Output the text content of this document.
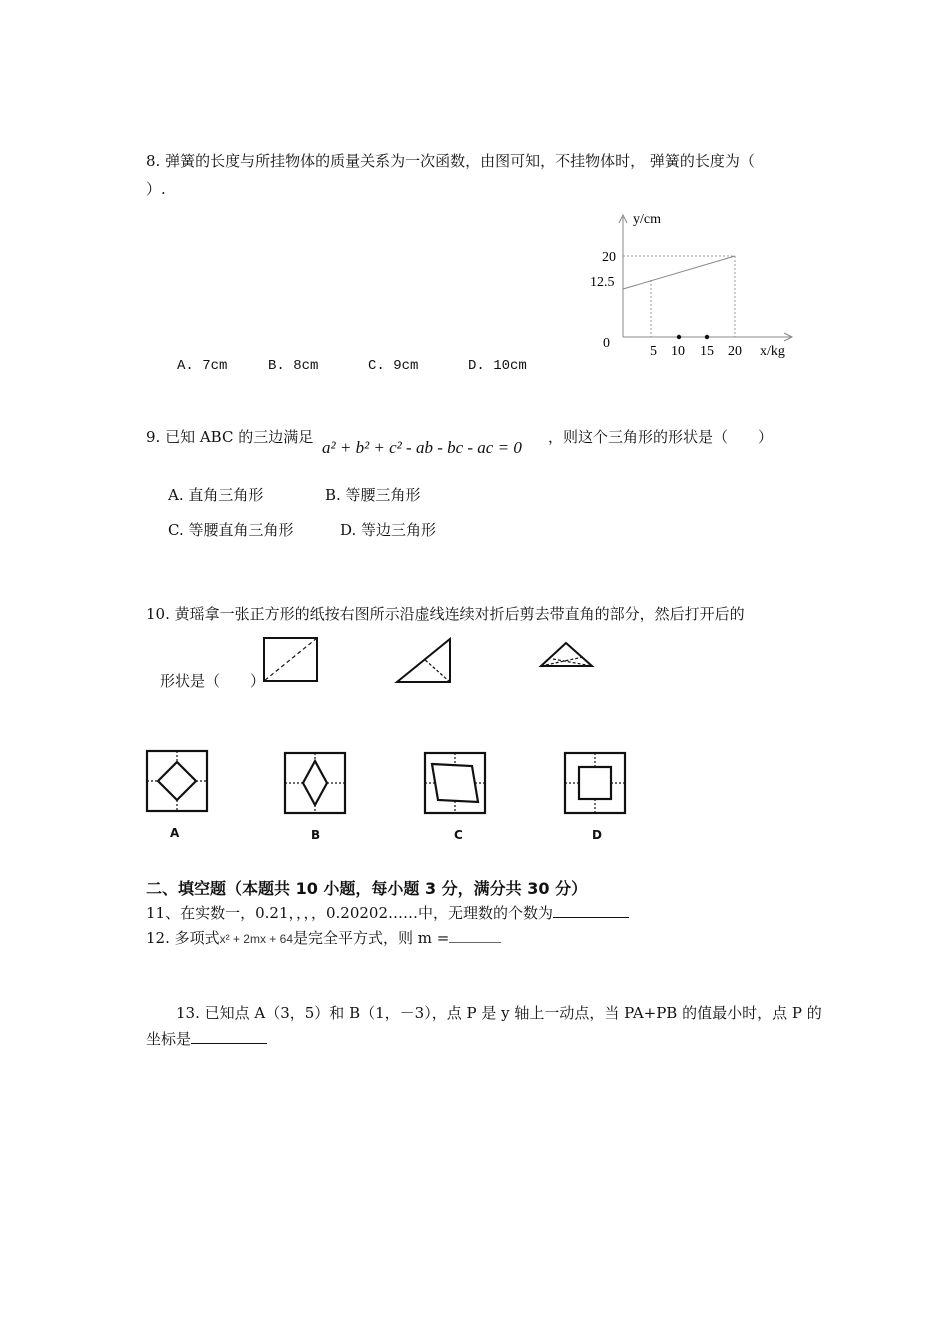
8. 弹簧的长度与所挂物体的质量关系为一次函数，由图可知，不挂物体时， 弹簧的长度为（
）.
y/cm
x/kg
0
20
12.5
5 10 15 20
A. 7cm	B. 8cm	C. 9cm	D. 10cm
9. 已知 ABC 的三边满足
a² + b² + c² - ab - bc - ac = 0
，则这个三角形的形状是（　　）
A. 直角三角形	B. 等腰三角形
C. 等腰直角三角形	D. 等边三角形
10. 黄瑶拿一张正方形的纸按右图所示沿虚线连续对折后剪去带直角的部分，然后打开后的
形状是（　　）
A	B	C	D
二、填空题（本题共 10 小题，每小题 3 分，满分共 30 分）
11、在实数一，0.21，，，，0.20202……中，无理数的个数为
12. 多项式x² + 2mx + 64是完全平方式，则 m =
13. 已知点 A（3，5）和 B（1，－3），点 P 是 y 轴上一动点，当 PA+PB 的值最小时，点 P 的
坐标是
